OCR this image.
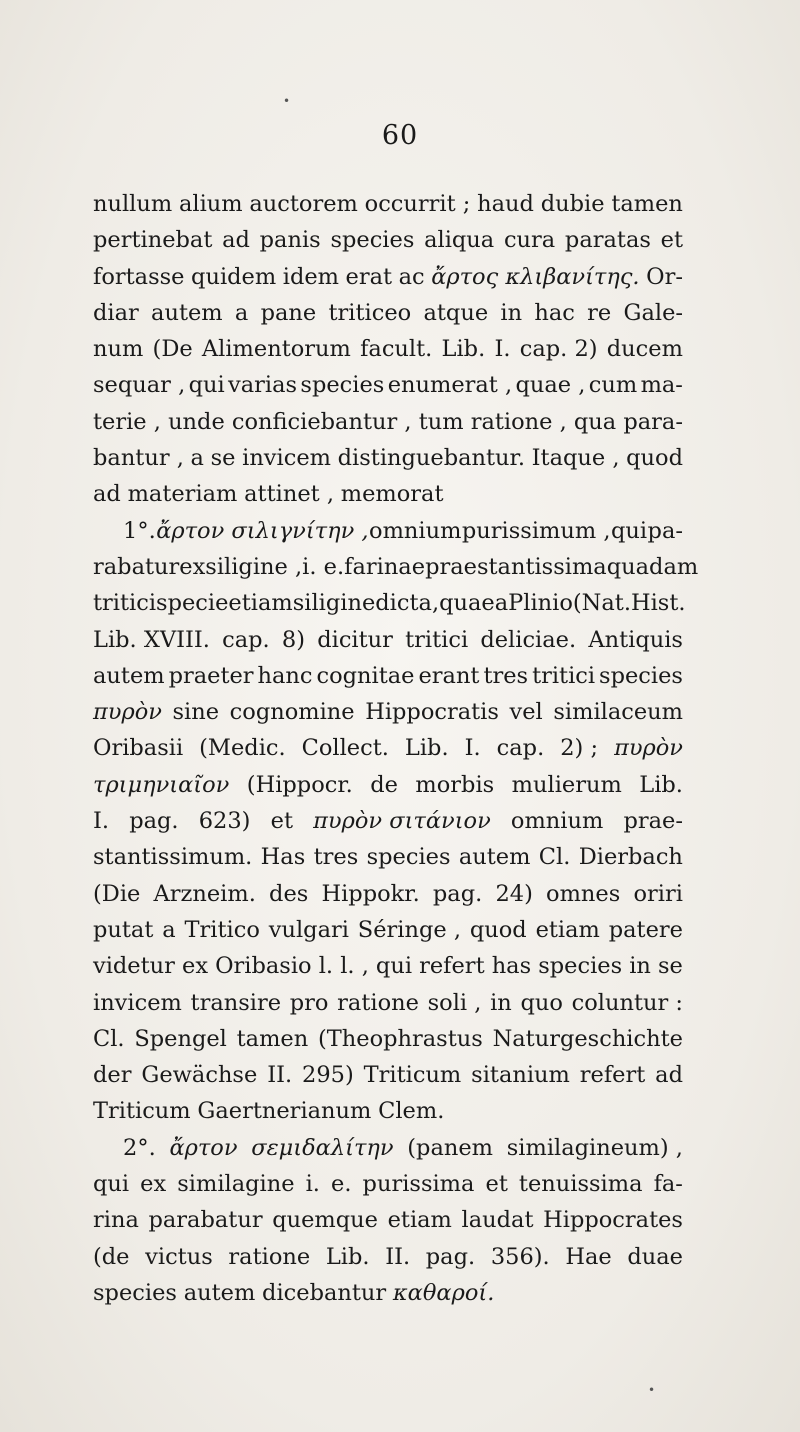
60
nullum alium auctorem occurrit ; haud dubie tamen
pertinebat ad panis species aliqua cura paratas et
fortasse quidem idem erat ac ἄρτος κλιβανίτης. Or-
diar autem a pane triticeo atque in hac re Gale-
num (De Alimentorum facult. Lib. I. cap. 2) ducem
sequar , qui varias species enumerat , quae , cum ma-
terie , unde conficiebantur , tum ratione , qua para-
bantur , a se invicem distinguebantur. Itaque , quod
ad materiam attinet , memorat
1°. ἄρτον σιλιγνίτην , omnium purissimum , qui pa-
rabatur ex siligine , i. e. farina e praestantissima quadam
tritici specie etiam siligine dicta, quae a Plinio (Nat.Hist.
Lib. XVIII. cap. 8) dicitur tritici deliciae. Antiquis
autem praeter hanc cognitae erant tres tritici species
πυρὸν sine cognomine Hippocratis vel similaceum
Oribasii (Medic. Collect. Lib. I. cap. 2) ; πυρὸν
τριμηνιαῖον (Hippocr. de morbis mulierum Lib.
I. pag. 623) et πυρὸν σιτάνιον omnium prae-
stantissimum. Has tres species autem Cl. Dierbach
(Die Arzneim. des Hippokr. pag. 24) omnes oriri
putat a Tritico vulgari Séringe , quod etiam patere
videtur ex Oribasio l. l. , qui refert has species in se
invicem transire pro ratione soli , in quo coluntur :
Cl. Spengel tamen (Theophrastus Naturgeschichte
der Gewächse II. 295) Triticum sitanium refert ad
Triticum Gaertnerianum Clem.
2°. ἄρτον σεμιδαλίτην (panem similagineum) ,
qui ex similagine i. e. purissima et tenuissima fa-
rina parabatur quemque etiam laudat Hippocrates
(de victus ratione Lib. II. pag. 356). Hae duae
species autem dicebantur καθαροί.
•
•
